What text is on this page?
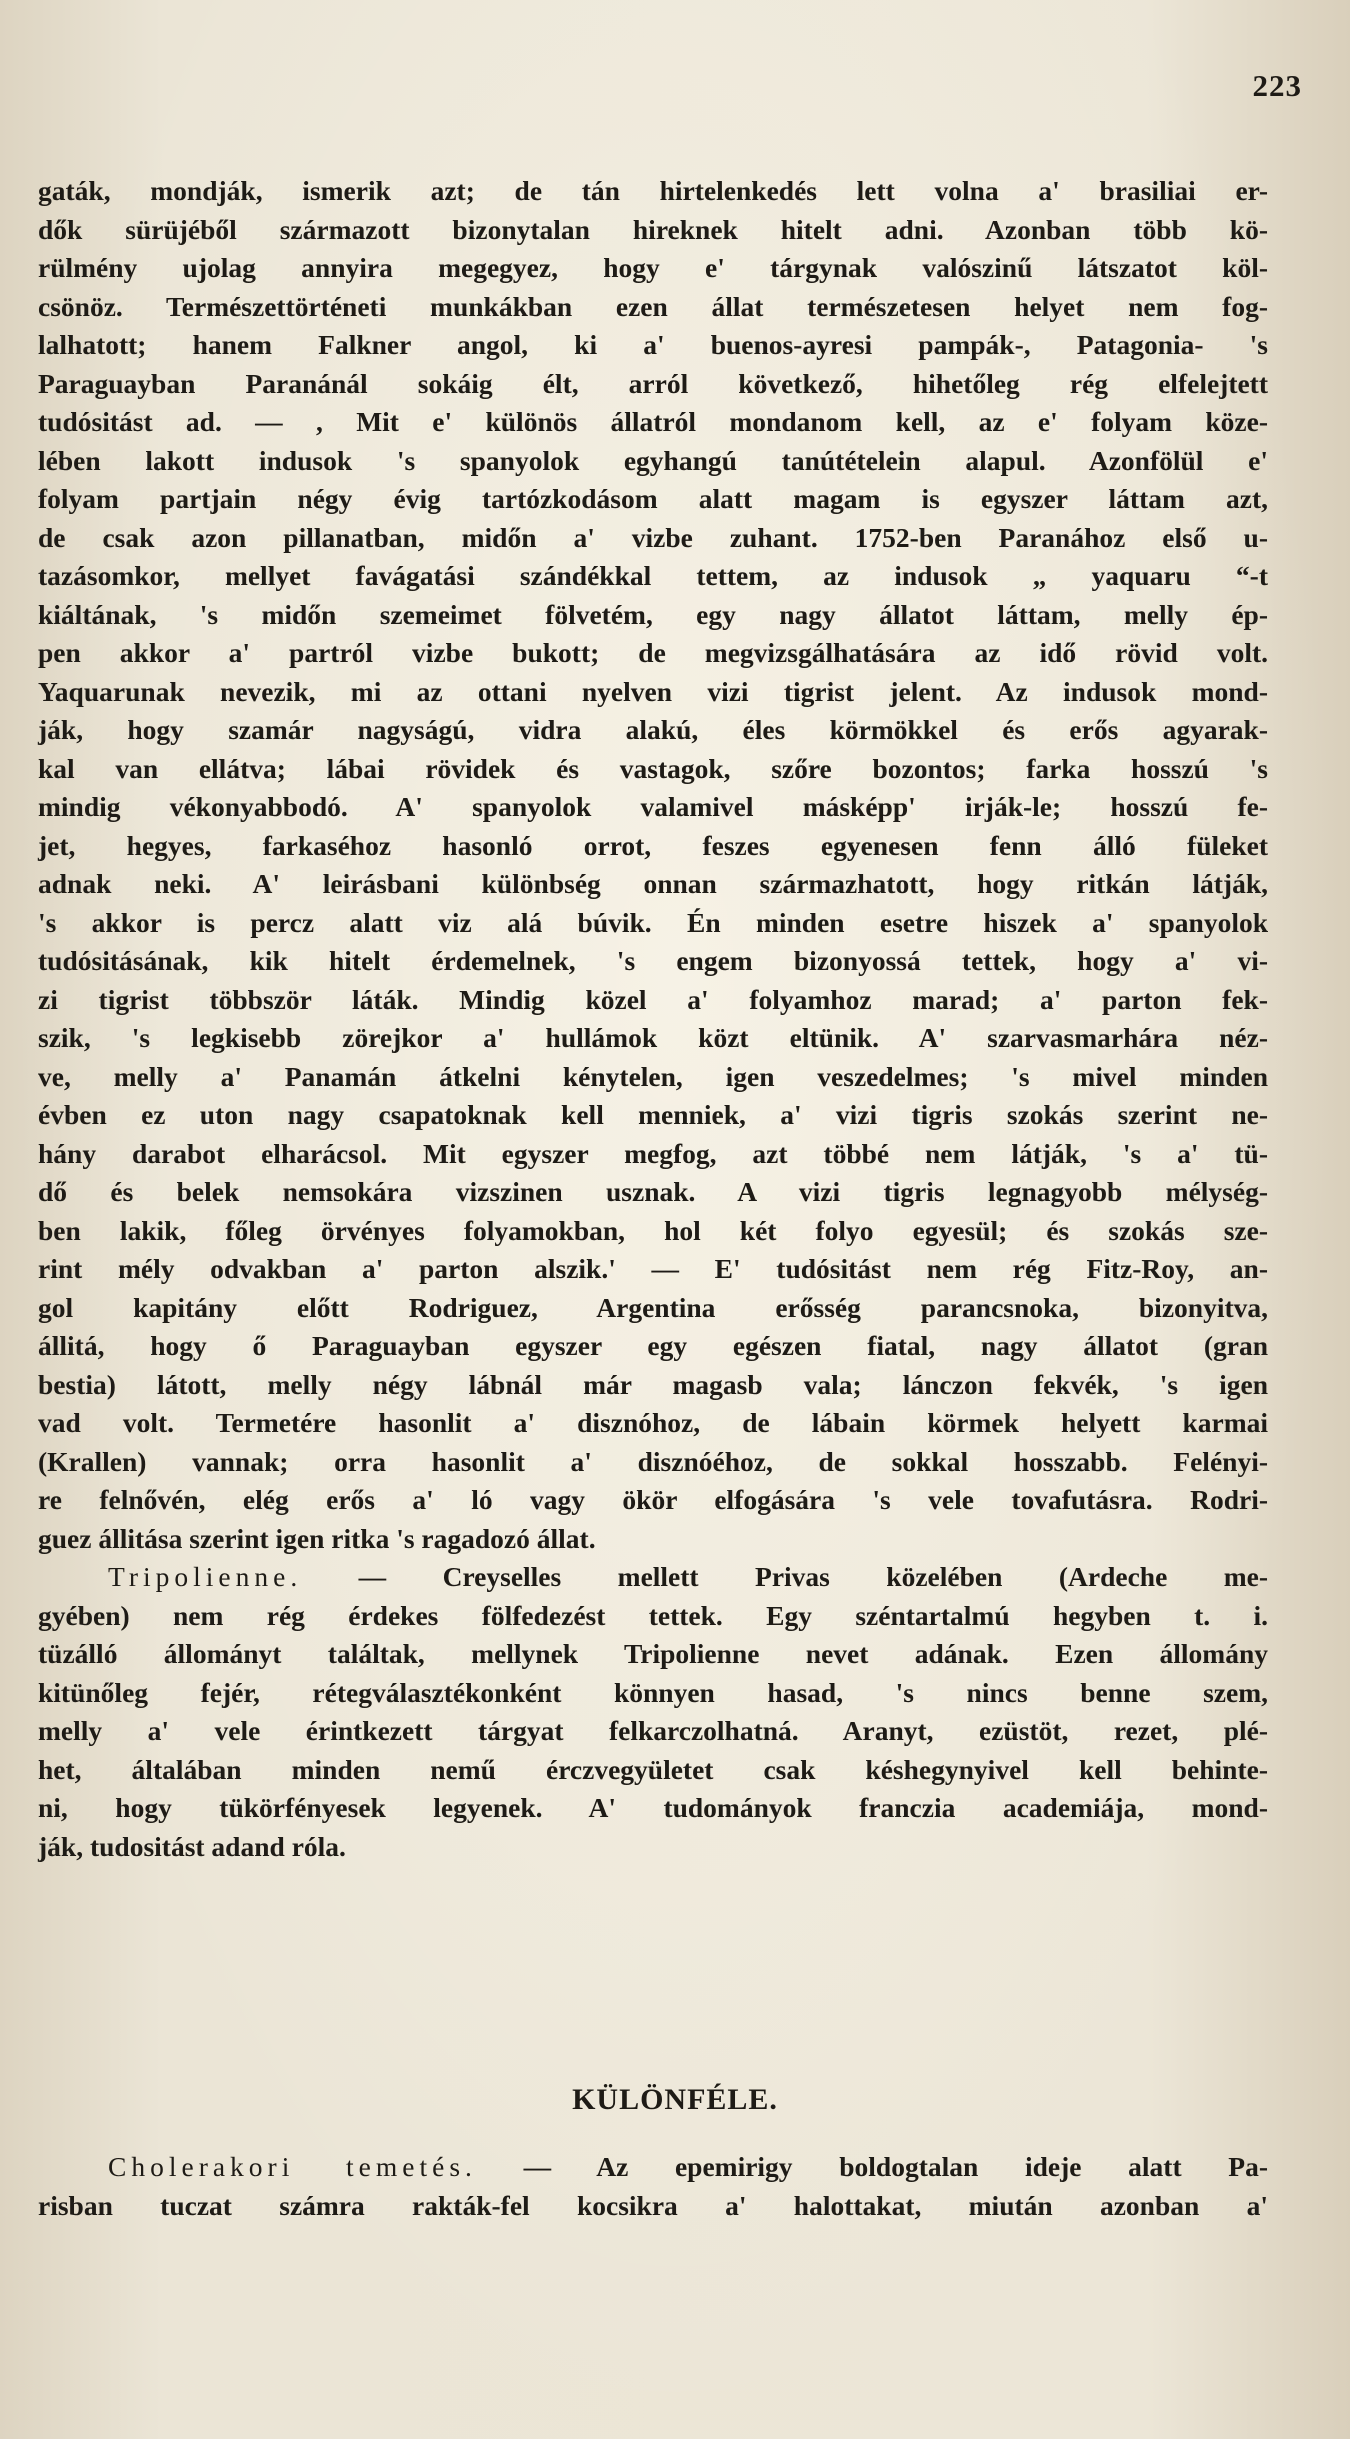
223
gaták, mondják, ismerik azt; de tán hirtelenkedés lett volna a' brasiliai er-
dők sürüjéből származott bizonytalan hireknek hitelt adni. Azonban több kö-
rülmény ujolag annyira megegyez, hogy e' tárgynak valószinű látszatot köl-
csönöz. Természettörténeti munkákban ezen állat természetesen helyet nem fog-
lalhatott; hanem Falkner angol, ki a' buenos-ayresi pampák-, Patagonia- 's
Paraguayban Paranánál sokáig élt, arról következő, hihetőleg rég elfelejtett
tudósitást ad. — , Mit e' különös állatról mondanom kell, az e' folyam köze-
lében lakott indusok 's spanyolok egyhangú tanútételein alapul. Azonfölül e'
folyam partjain négy évig tartózkodásom alatt magam is egyszer láttam azt,
de csak azon pillanatban, midőn a' vizbe zuhant. 1752-ben Paranához első u-
tazásomkor, mellyet favágatási szándékkal tettem, az indusok „ yaquaru “-t
kiáltának, 's midőn szemeimet fölvetém, egy nagy állatot láttam, melly ép-
pen akkor a' partról vizbe bukott; de megvizsgálhatására az idő rövid volt.
Yaquarunak nevezik, mi az ottani nyelven vizi tigrist jelent. Az indusok mond-
ják, hogy szamár nagyságú, vidra alakú, éles körmökkel és erős agyarak-
kal van ellátva; lábai rövidek és vastagok, szőre bozontos; farka hosszú 's
mindig vékonyabbodó. A' spanyolok valamivel másképp' irják-le; hosszú fe-
jet, hegyes, farkaséhoz hasonló orrot, feszes egyenesen fenn álló füleket
adnak neki. A' leirásbani különbség onnan származhatott, hogy ritkán látják,
's akkor is percz alatt viz alá búvik. Én minden esetre hiszek a' spanyolok
tudósitásának, kik hitelt érdemelnek, 's engem bizonyossá tettek, hogy a' vi-
zi tigrist többször láták. Mindig közel a' folyamhoz marad; a' parton fek-
szik, 's legkisebb zörejkor a' hullámok közt eltünik. A' szarvasmarhára néz-
ve, melly a' Panamán átkelni kénytelen, igen veszedelmes; 's mivel minden
évben ez uton nagy csapatoknak kell menniek, a' vizi tigris szokás szerint ne-
hány darabot elharácsol. Mit egyszer megfog, azt többé nem látják, 's a' tü-
dő és belek nemsokára vizszinen usznak. A vizi tigris legnagyobb mélység-
ben lakik, főleg örvényes folyamokban, hol két folyo egyesül; és szokás sze-
rint mély odvakban a' parton alszik.' — E' tudósitást nem rég Fitz-Roy, an-
gol kapitány előtt Rodriguez, Argentina erősség parancsnoka, bizonyitva,
állitá, hogy ő Paraguayban egyszer egy egészen fiatal, nagy állatot (gran
bestia) látott, melly négy lábnál már magasb vala; lánczon fekvék, 's igen
vad volt. Termetére hasonlit a' disznóhoz, de lábain körmek helyett karmai
(Krallen) vannak; orra hasonlit a' disznóéhoz, de sokkal hosszabb. Felényi-
re felnővén, elég erős a' ló vagy ökör elfogására 's vele tovafutásra. Rodri-
guez állitása szerint igen ritka 's ragadozó állat.
Tripolienne. — Creyselles mellett Privas közelében (Ardeche me-
gyében) nem rég érdekes fölfedezést tettek. Egy széntartalmú hegyben t. i.
tüzálló állományt találtak, mellynek Tripolienne nevet adának. Ezen állomány
kitünőleg fejér, rétegválasztékonként könnyen hasad, 's nincs benne szem,
melly a' vele érintkezett tárgyat felkarczolhatná. Aranyt, ezüstöt, rezet, plé-
het, általában minden nemű érczvegyületet csak késhegynyivel kell behinte-
ni, hogy tükörfényesek legyenek. A' tudományok franczia academiája, mond-
ják, tudositást adand róla.
KÜLÖNFÉLE.
Cholerakori temetés. — Az epemirigy boldogtalan ideje alatt Pa-
risban tuczat számra rakták-fel kocsikra a' halottakat, miután azonban a'
